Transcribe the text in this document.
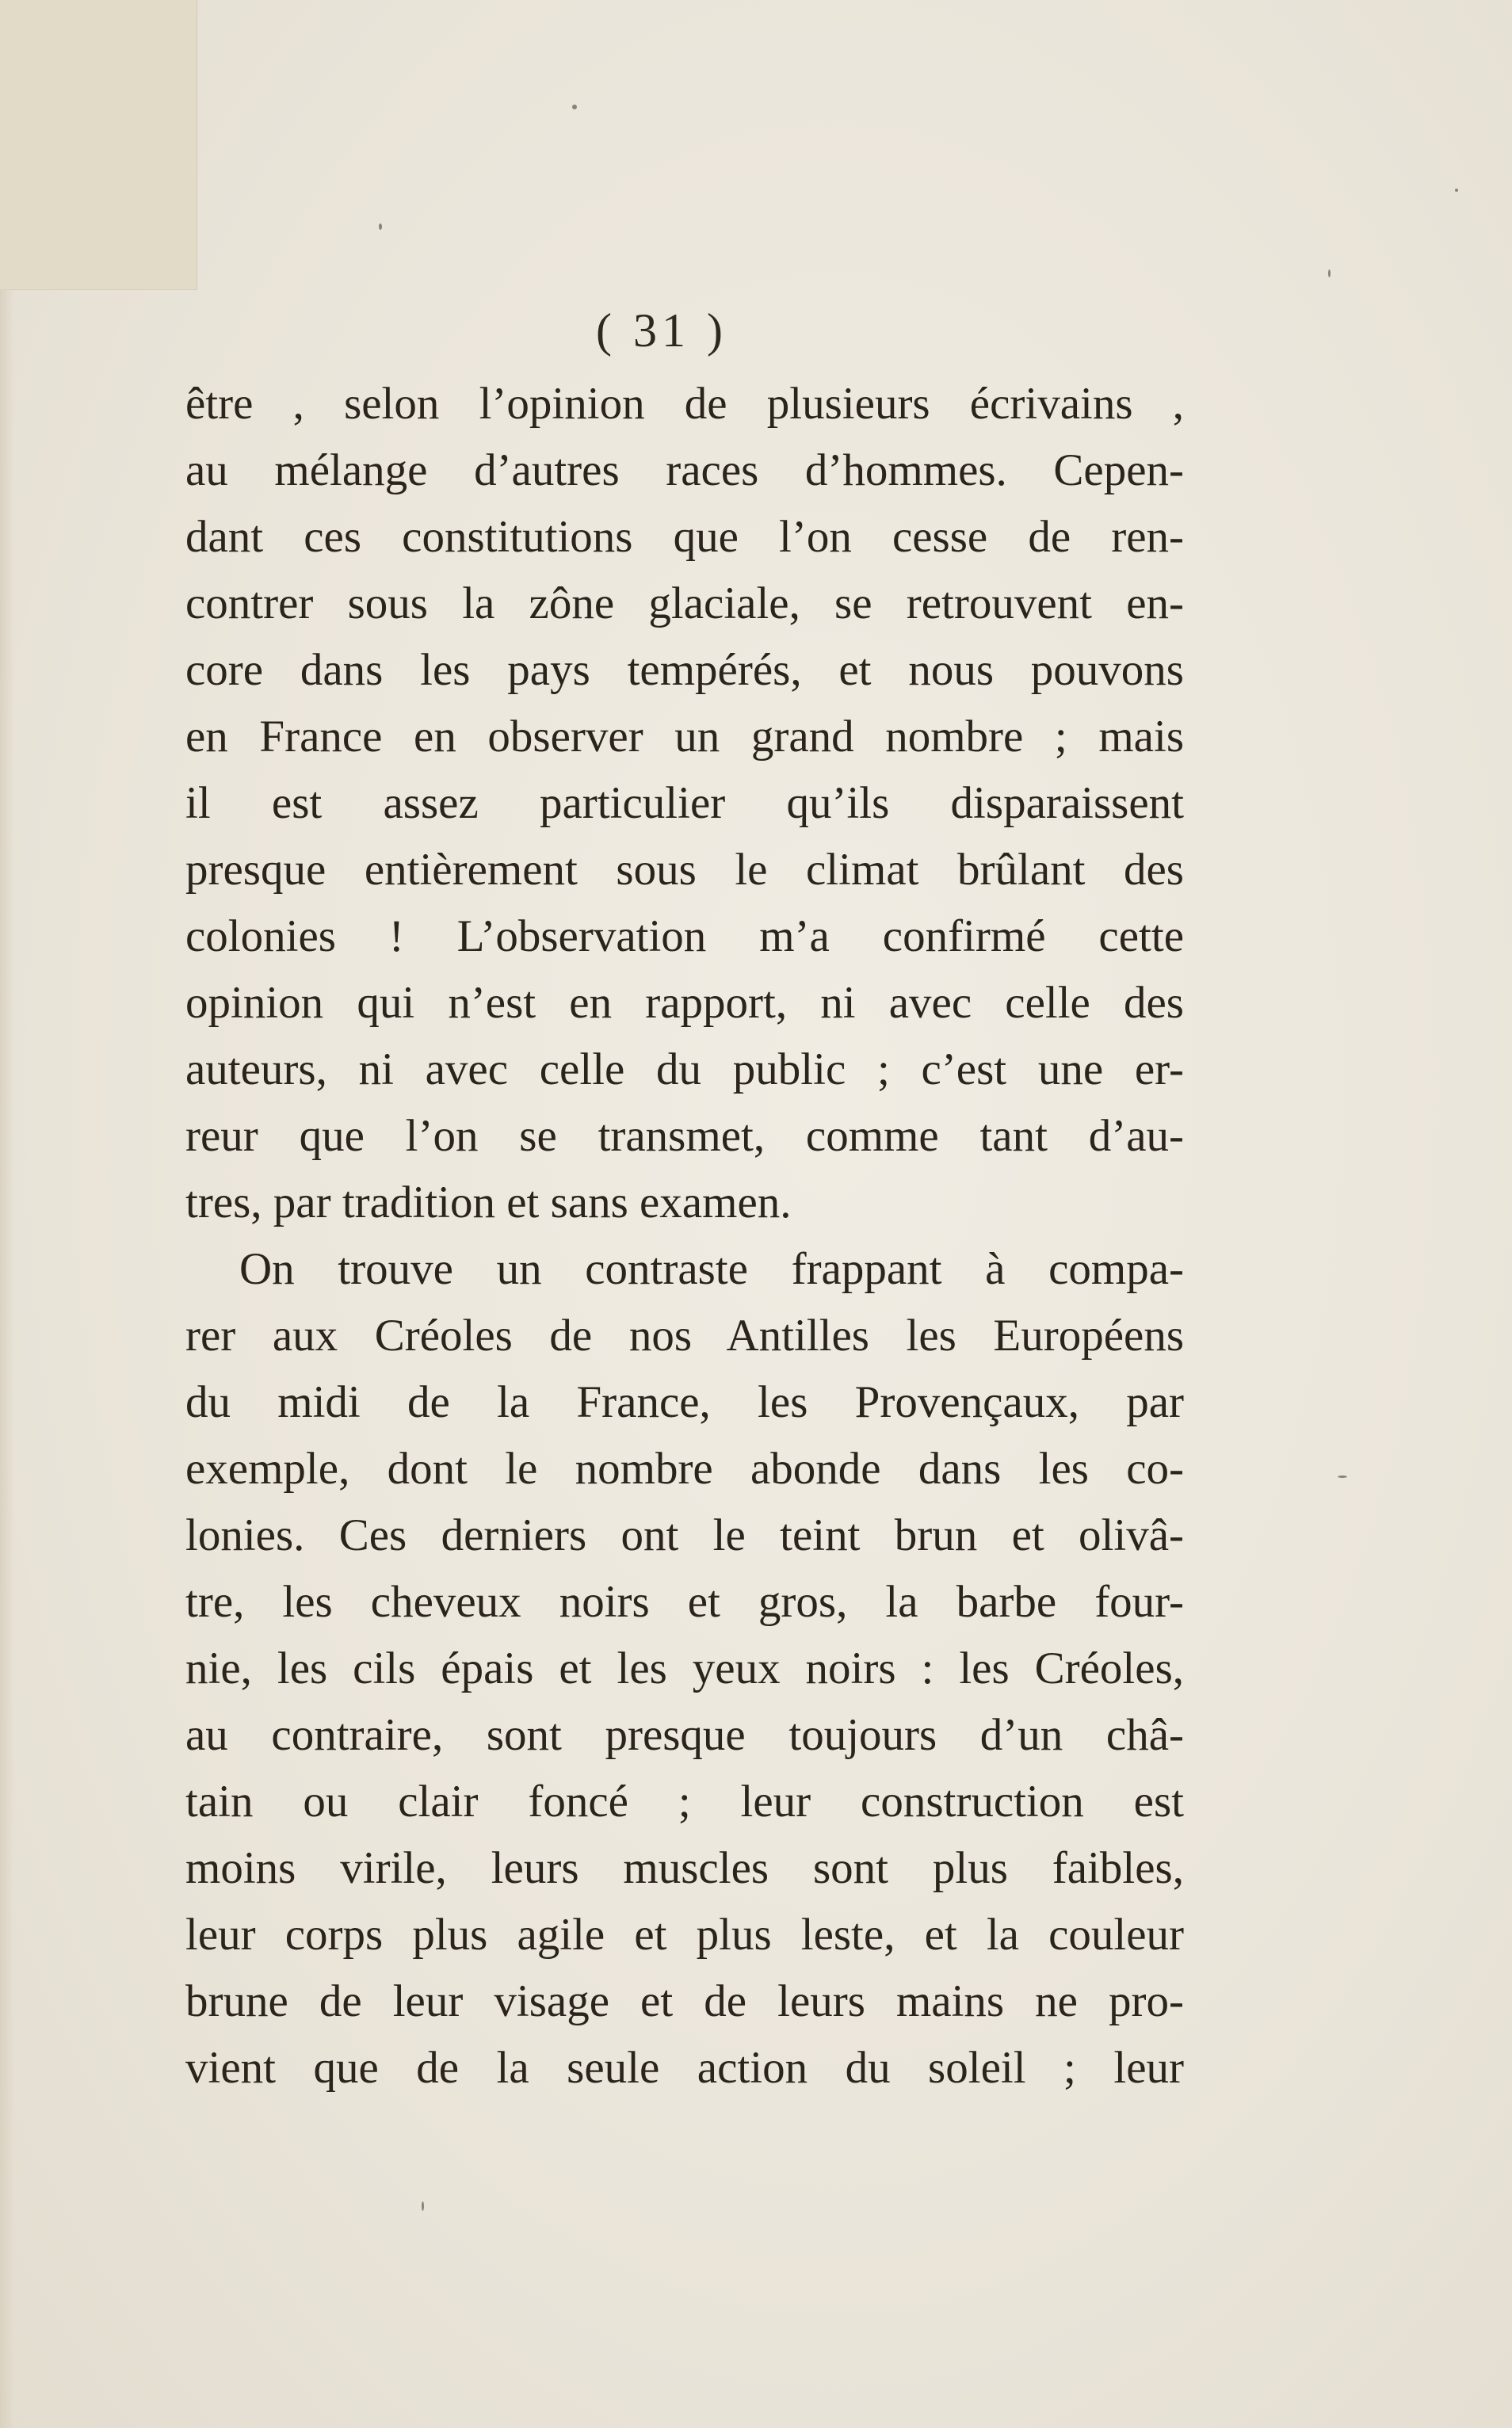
( 31 )
être , selon l’opinion de plusieurs écrivains ,
au mélange d’autres races d’hommes. Cepen-
dant ces constitutions que l’on cesse de ren-
contrer sous la zône glaciale, se retrouvent en-
core dans les pays tempérés, et nous pouvons
en France en observer un grand nombre ; mais
il est assez particulier qu’ils disparaissent
presque entièrement sous le climat brûlant des
colonies ! L’observation m’a confirmé cette
opinion qui n’est en rapport, ni avec celle des
auteurs, ni avec celle du public ; c’est une er-
reur que l’on se transmet, comme tant d’au-
tres, par tradition et sans examen.
On trouve un contraste frappant à compa-
rer aux Créoles de nos Antilles les Européens
du midi de la France, les Provençaux, par
exemple, dont le nombre abonde dans les co-
lonies. Ces derniers ont le teint brun et olivâ-
tre, les cheveux noirs et gros, la barbe four-
nie, les cils épais et les yeux noirs : les Créoles,
au contraire, sont presque toujours d’un châ-
tain ou clair foncé ; leur construction est
moins virile, leurs muscles sont plus faibles,
leur corps plus agile et plus leste, et la couleur
brune de leur visage et de leurs mains ne pro-
vient que de la seule action du soleil ; leur
